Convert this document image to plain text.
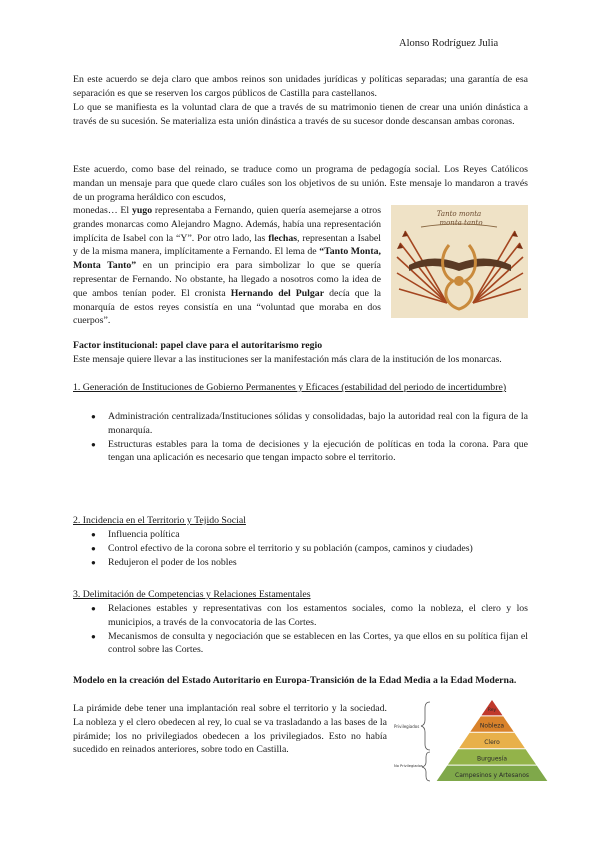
Alonso Rodríguez Julia
En este acuerdo se deja claro que ambos reinos son unidades jurídicas y políticas separadas; una garantía de esa separación es que se reserven los cargos públicos de Castilla para castellanos.
Lo que se manifiesta es la voluntad clara de que a través de su matrimonio tienen de crear una unión dinástica a través de su sucesión. Se materializa esta unión dinástica a través de su sucesor donde descansan ambas coronas.
Este acuerdo, como base del reinado, se traduce como un programa de pedagogía social. Los Reyes Católicos mandan un mensaje para que quede claro cuáles son los objetivos de su unión. Este mensaje lo mandaron a través de un programa heráldico con escudos,
monedas… El yugo representaba a Fernando, quien quería asemejarse a otros grandes monarcas como Alejandro Magno. Además, había una representación implícita de Isabel con la “Y”. Por otro lado, las flechas, representan a Isabel y de la misma manera, implícitamente a Fernando. El lema de “Tanto Monta, Monta Tanto” en un principio era para simbolizar lo que se quería representar de Fernando. No obstante, ha llegado a nosotros como la idea de que ambos tenían poder. El cronista Hernando del Pulgar decía que la monarquía de estos reyes consistía en una “voluntad que moraba en dos cuerpos”.
Tanto monta
monta tanto
Factor institucional: papel clave para el autoritarismo regio
Este mensaje quiere llevar a las instituciones ser la manifestación más clara de la institución de los monarcas.
1. Generación de Instituciones de Gobierno Permanentes y Eficaces (estabilidad del periodo de incertidumbre)
● Administración centralizada/Instituciones sólidas y consolidadas, bajo la autoridad real con la figura de la monarquía.
● Estructuras estables para la toma de decisiones y la ejecución de políticas en toda la corona. Para que tengan una aplicación es necesario que tengan impacto sobre el territorio.
2. Incidencia en el Territorio y Tejido Social
● Influencia política
● Control efectivo de la corona sobre el territorio y su población (campos, caminos y ciudades)
● Redujeron el poder de los nobles
3. Delimitación de Competencias y Relaciones Estamentales
● Relaciones estables y representativas con los estamentos sociales, como la nobleza, el clero y los municipios, a través de la convocatoria de las Cortes.
● Mecanismos de consulta y negociación que se establecen en las Cortes, ya que ellos en su política fijan el control sobre las Cortes.
Modelo en la creación del Estado Autoritario en Europa-Transición de la Edad Media a la Edad Moderna.
La pirámide debe tener una implantación real sobre el territorio y la sociedad. La nobleza y el clero obedecen al rey, lo cual se va trasladando a las bases de la pirámide; los no privilegiados obedecen a los privilegiados. Esto no había sucedido en reinados anteriores, sobre todo en Castilla.
Privilegiados
No Privilegiados
Rey
Nobleza
Clero
Burguesía
Campesinos y Artesanos
